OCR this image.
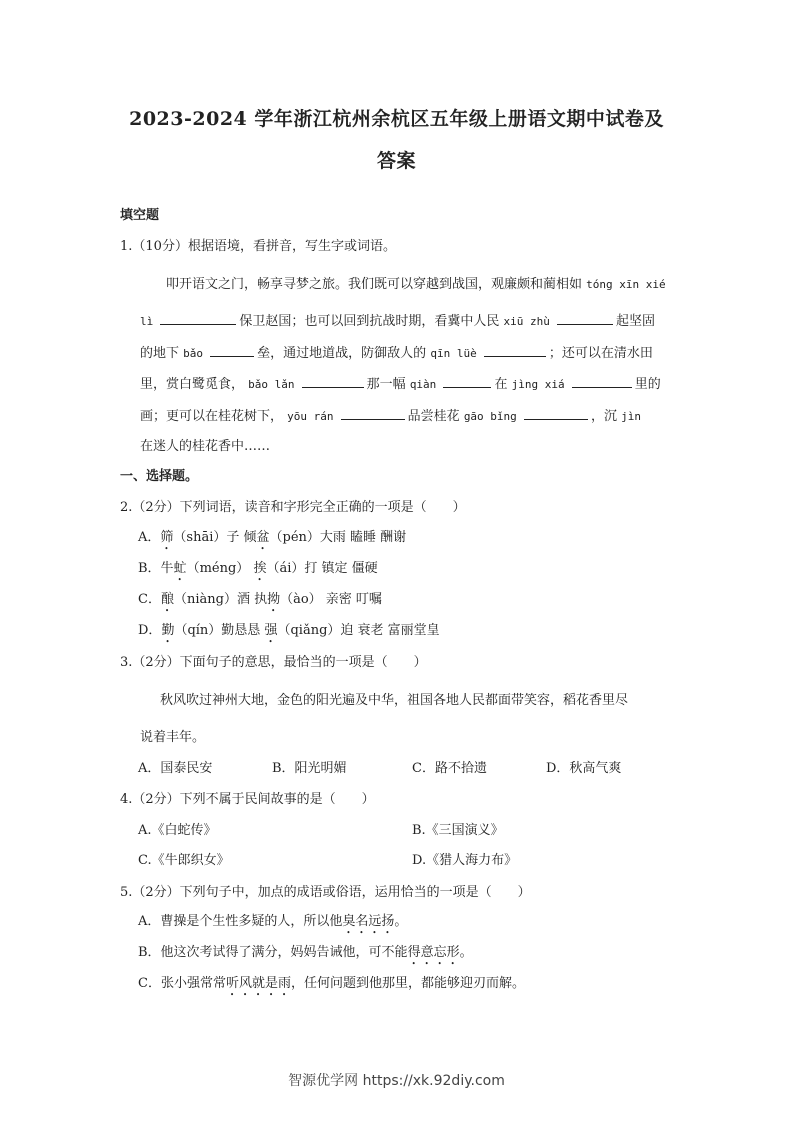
2023-2024 学年浙江杭州余杭区五年级上册语文期中试卷及
答案
填空题
1.（10分）根据语境，看拼音，写生字或词语。
叩开语文之门，畅享寻梦之旅。我们既可以穿越到战国，观廉颇和蔺相如 tóng xīn xié
lì	保卫赵国；也可以回到抗战时期，看冀中人民 xiū zhù	起坚固
的地下 bǎo	垒，通过地道战，防御敌人的 qīn lüè	；还可以在清水田
里，赏白鹭觅食， bǎo lǎn	那一幅 qiàn	在 jìng xiá	里的
画；更可以在桂花树下， yōu rán	品尝桂花 gāo bǐng	，沉 jìn
在迷人的桂花香中……
一、选择题。
2.（2分）下列词语，读音和字形完全正确的一项是（　　）
A．筛（shāi）子 倾盆（pén）大雨 瞌睡 酬谢
B．牛虻（méng） 挨（ái）打 镇定 僵硬
C．酿（niàng）酒 执拗（ào） 亲密 叮嘱
D．勤（qín）勤恳恳 强（qiǎng）迫 衰老 富丽堂皇
3.（2分）下面句子的意思，最恰当的一项是（　　）
秋风吹过神州大地，金色的阳光遍及中华，祖国各地人民都面带笑容，稻花香里尽
说着丰年。
A．国泰民安	B．阳光明媚	C．路不拾遗	D．秋高气爽
4.（2分）下列不属于民间故事的是（　　）
A.《白蛇传》	B.《三国演义》
C.《牛郎织女》	D.《猎人海力布》
5.（2分）下列句子中，加点的成语或俗语，运用恰当的一项是（　　）
A．曹操是个生性多疑的人，所以他臭名远扬。
B．他这次考试得了满分，妈妈告诫他，可不能得意忘形。
C．张小强常常听风就是雨，任何问题到他那里，都能够迎刃而解。
智源优学网 https://xk.92diy.com
